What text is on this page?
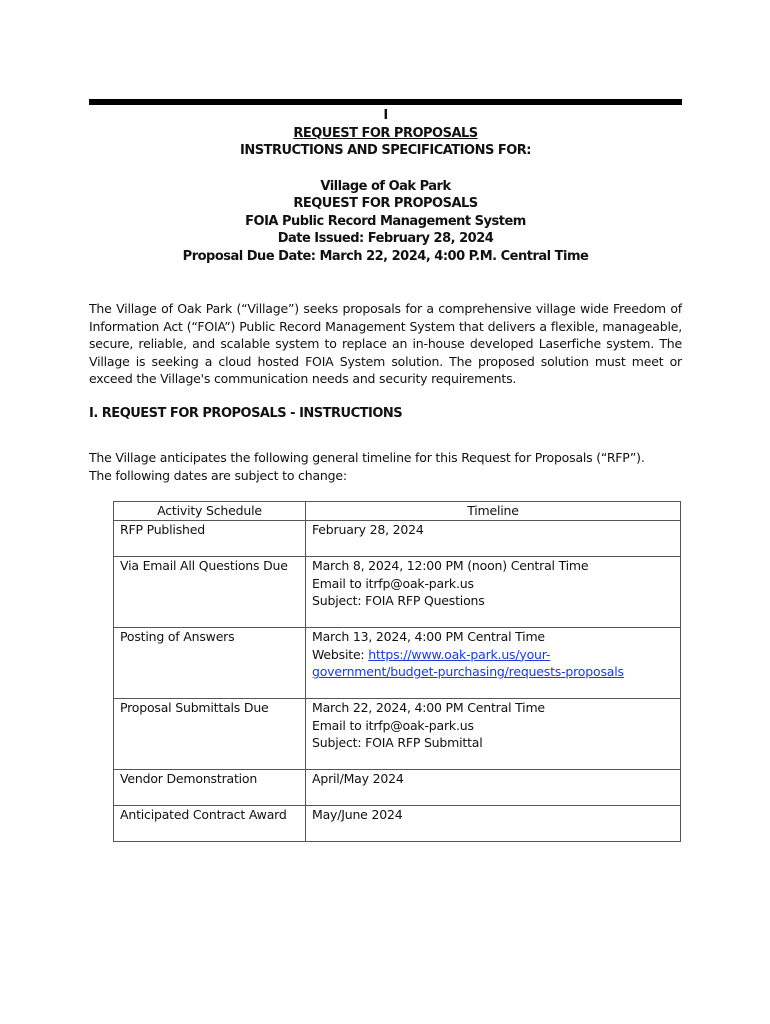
I
REQUEST FOR PROPOSALS
INSTRUCTIONS AND SPECIFICATIONS FOR:
Village of Oak Park
REQUEST FOR PROPOSALS
FOIA Public Record Management System
Date Issued: February 28, 2024
Proposal Due Date: March 22, 2024, 4:00 P.M. Central Time
The Village of Oak Park (“Village”) seeks proposals for a comprehensive village wide Freedom of Information Act (“FOIA”) Public Record Management System that delivers a flexible, manageable, secure, reliable, and scalable system to replace an in-house developed Laserfiche system. The Village is seeking a cloud hosted FOIA System solution. The proposed solution must meet or exceed the Village's communication needs and security requirements.
I. REQUEST FOR PROPOSALS - INSTRUCTIONS
The Village anticipates the following general timeline for this Request for Proposals (“RFP”).
The following dates are subject to change:
Activity Schedule	Timeline
RFP Published	February 28, 2024

Via Email All Questions Due	March 8, 2024, 12:00 PM (noon) Central Time
Email to itrfp@oak-park.us
Subject: FOIA RFP Questions

Posting of Answers	March 13, 2024, 4:00 PM Central Time
Website: https://www.oak-park.us/your-
government/budget-purchasing/requests-proposals

Proposal Submittals Due	March 22, 2024, 4:00 PM Central Time
Email to itrfp@oak-park.us
Subject: FOIA RFP Submittal

Vendor Demonstration	April/May 2024

Anticipated Contract Award	May/June 2024
